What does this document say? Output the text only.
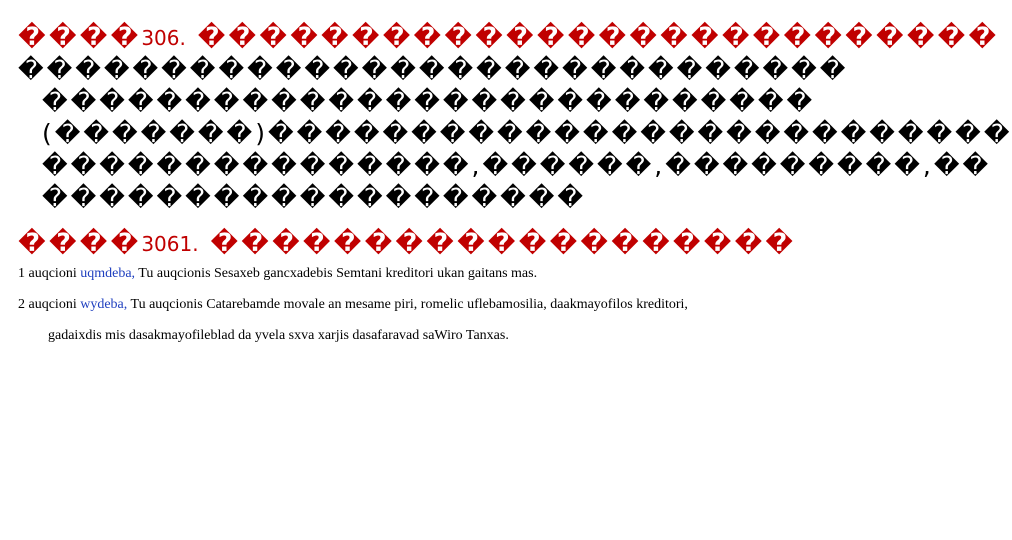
����306. ��������������������������
�����������������������������
���������������������������
(�������)��������������������������
���������������,������,���������,��
�������������������
����3061. �������������������
1 auqcioni uqmdeba, Tu auqcionis Sesaxeb gancxadebis Semtani kreditori ukan gaitans mas.
2 auqcioni wydeba, Tu auqcionis Catarebamde movale an mesame piri, romelic uflebamosilia, daakmayofilos kreditori, gadaixdis mis dasakmayofileblad da yvela sxva xarjis dasafaravad saWiro Tanxas.
